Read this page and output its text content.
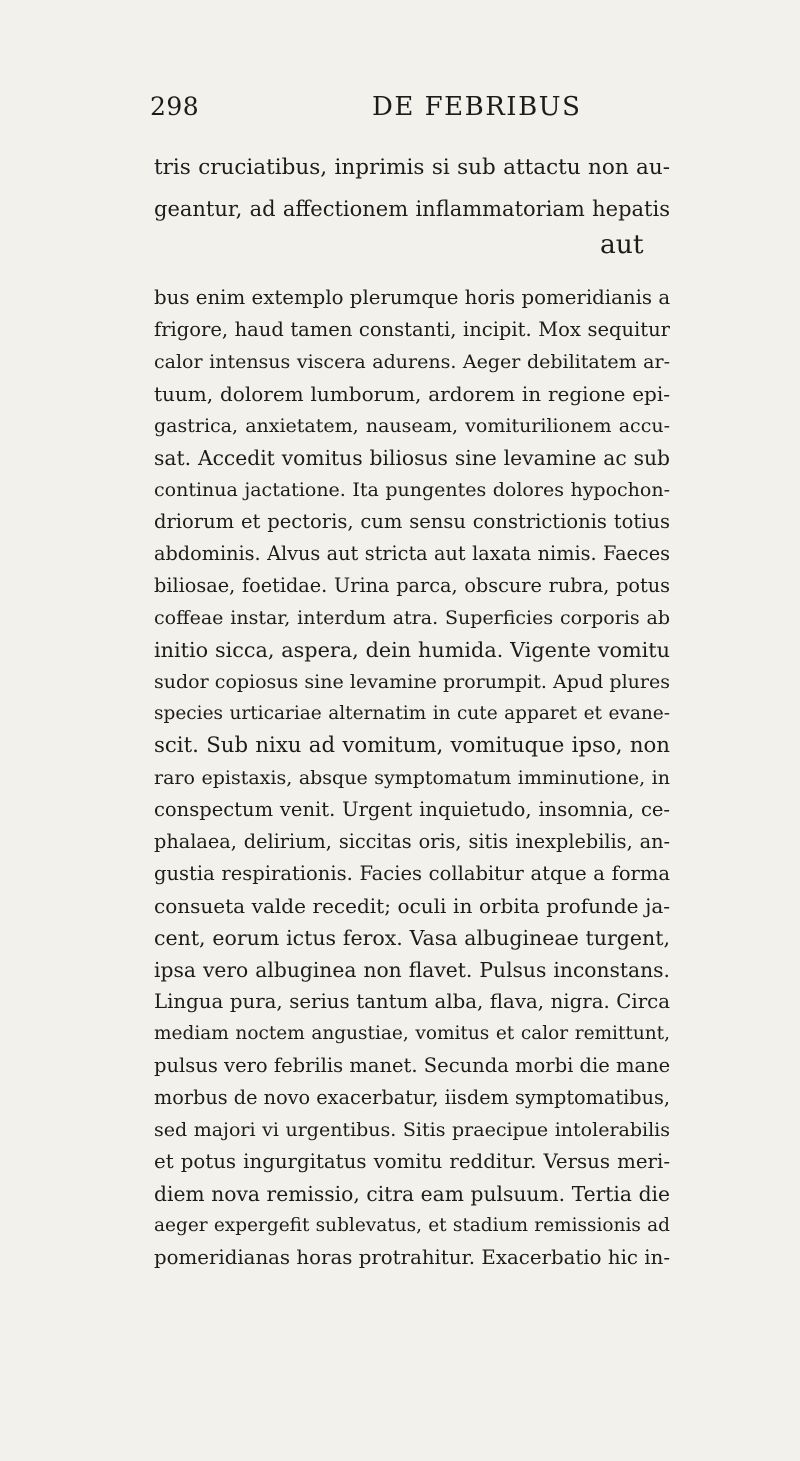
298	DE FEBRIBUS
tris cruciatibus, inprimis si sub attactu non au-
geantur, ad affectionem inflammatoriam hepatis
aut
bus enim extemplo plerumque horis pomeridianis a
frigore, haud tamen constanti, incipit. Mox sequitur
calor intensus viscera adurens. Aeger debilitatem ar-
tuum, dolorem lumborum, ardorem in regione epi-
gastrica, anxietatem, nauseam, vomiturilionem accu-
sat. Accedit vomitus biliosus sine levamine ac sub
continua jactatione. Ita pungentes dolores hypochon-
driorum et pectoris, cum sensu constrictionis totius
abdominis. Alvus aut stricta aut laxata nimis. Faeces
biliosae, foetidae. Urina parca, obscure rubra, potus
coffeae instar, interdum atra. Superficies corporis ab
initio sicca, aspera, dein humida. Vigente vomitu
sudor copiosus sine levamine prorumpit. Apud plures
species urticariae alternatim in cute apparet et evane-
scit. Sub nixu ad vomitum, vomituque ipso, non
raro epistaxis, absque symptomatum imminutione, in
conspectum venit. Urgent inquietudo, insomnia, ce-
phalaea, delirium, siccitas oris, sitis inexplebilis, an-
gustia respirationis. Facies collabitur atque a forma
consueta valde recedit; oculi in orbita profunde ja-
cent, eorum ictus ferox. Vasa albugineae turgent,
ipsa vero albuginea non flavet. Pulsus inconstans.
Lingua pura, serius tantum alba, flava, nigra. Circa
mediam noctem angustiae, vomitus et calor remittunt,
pulsus vero febrilis manet. Secunda morbi die mane
morbus de novo exacerbatur, iisdem symptomatibus,
sed majori vi urgentibus. Sitis praecipue intolerabilis
et potus ingurgitatus vomitu redditur. Versus meri-
diem nova remissio, citra eam pulsuum. Tertia die
aeger expergefit sublevatus, et stadium remissionis ad
pomeridianas horas protrahitur. Exacerbatio hic in-
